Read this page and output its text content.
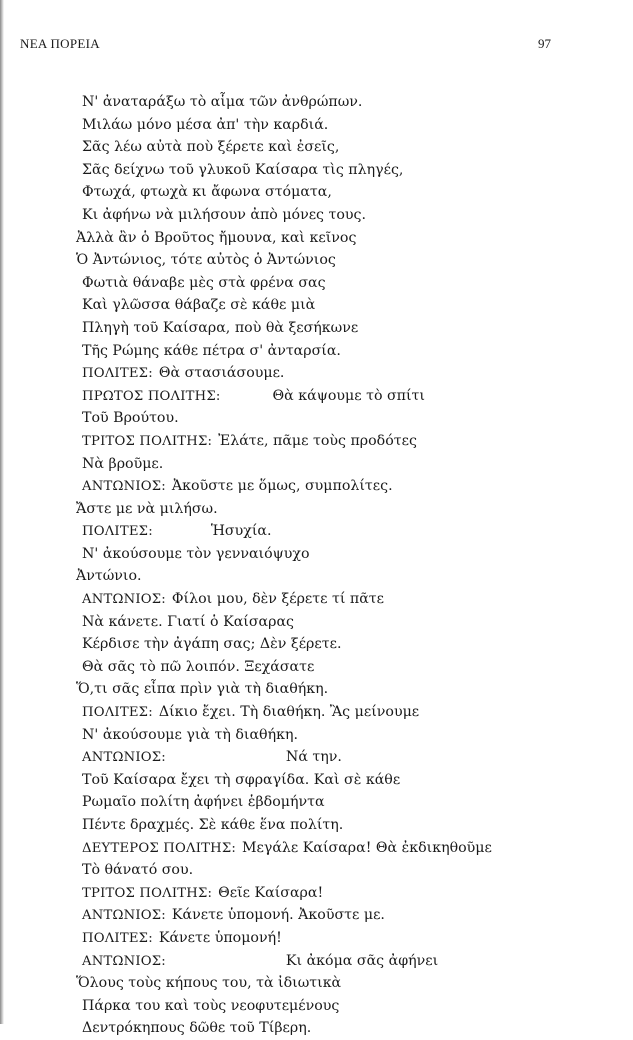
ΝΕΑ ΠΟΡΕΙΑ	97
Ν' ἀναταράξω τὸ αἷμα τῶν ἀνθρώπων.
Μιλάω μόνο μέσα ἀπ' τὴν καρδιά.
Σᾶς λέω αὐτὰ ποὺ ξέρετε καὶ ἐσεῖς,
Σᾶς δείχνω τοῦ γλυκοῦ Καίσαρα τὶς πληγές,
Φτωχά, φτωχὰ κι ἄφωνα στόματα,
Κι ἀφήνω νὰ μιλήσουν ἀπὸ μόνες τους.
Ἀλλὰ ἂν ὁ Βροῦτος ἤμουνα, καὶ κεῖνος
Ὁ Ἀντώνιος, τότε αὐτὸς ὁ Ἀντώνιος
Φωτιὰ θάναβε μὲς στὰ φρένα σας
Καὶ γλῶσσα θάβαζε σὲ κάθε μιὰ
Πληγὴ τοῦ Καίσαρα, ποὺ θὰ ξεσήκωνε
Τῆς Ρώμης κάθε πέτρα σ' ἀνταρσία.
ΠΟΛΙΤΕΣ: Θὰ στασιάσουμε.
ΠΡΩΤΟΣ ΠΟΛΙΤΗΣ:	Θὰ κάψουμε τὸ σπίτι
Τοῦ Βρούτου.
ΤΡΙΤΟΣ ΠΟΛΙΤΗΣ: Ἐλάτε, πᾶμε τοὺς προδότες
Νὰ βροῦμε.
ΑΝΤΩΝΙΟΣ: Ἀκοῦστε με ὅμως, συμπολίτες.
Ἄστε με νὰ μιλήσω.
ΠΟΛΙΤΕΣ:	Ἡσυχία.
Ν' ἀκούσουμε τὸν γενναιόψυχο
Ἀντώνιο.
ΑΝΤΩΝΙΟΣ: Φίλοι μου, δὲν ξέρετε τί πᾶτε
Νὰ κάνετε. Γιατί ὁ Καίσαρας
Κέρδισε τὴν ἀγάπη σας; Δὲν ξέρετε.
Θὰ σᾶς τὸ πῶ λοιπόν. Ξεχάσατε
Ὅ,τι σᾶς εἶπα πρὶν γιὰ τὴ διαθήκη.
ΠΟΛΙΤΕΣ: Δίκιο ἔχει. Τὴ διαθήκη. Ἂς μείνουμε
Ν' ἀκούσουμε γιὰ τὴ διαθήκη.
ΑΝΤΩΝΙΟΣ:	Νά την.
Τοῦ Καίσαρα ἔχει τὴ σφραγίδα. Καὶ σὲ κάθε
Ρωμαῖο πολίτη ἀφήνει ἑβδομήντα
Πέντε δραχμές. Σὲ κάθε ἕνα πολίτη.
ΔΕΥΤΕΡΟΣ ΠΟΛΙΤΗΣ: Μεγάλε Καίσαρα! Θὰ ἐκδικηθοῦμε
Τὸ θάνατό σου.
ΤΡΙΤΟΣ ΠΟΛΙΤΗΣ: Θεῖε Καίσαρα!
ΑΝΤΩΝΙΟΣ: Κάνετε ὑπομονή. Ἀκοῦστε με.
ΠΟΛΙΤΕΣ: Κάνετε ὑπομονή!
ΑΝΤΩΝΙΟΣ:	Κι ἀκόμα σᾶς ἀφήνει
Ὅλους τοὺς κήπους του, τὰ ἰδιωτικὰ
Πάρκα του καὶ τοὺς νεοφυτεμένους
Δεντρόκηπους δῶθε τοῦ Τίβερη.
